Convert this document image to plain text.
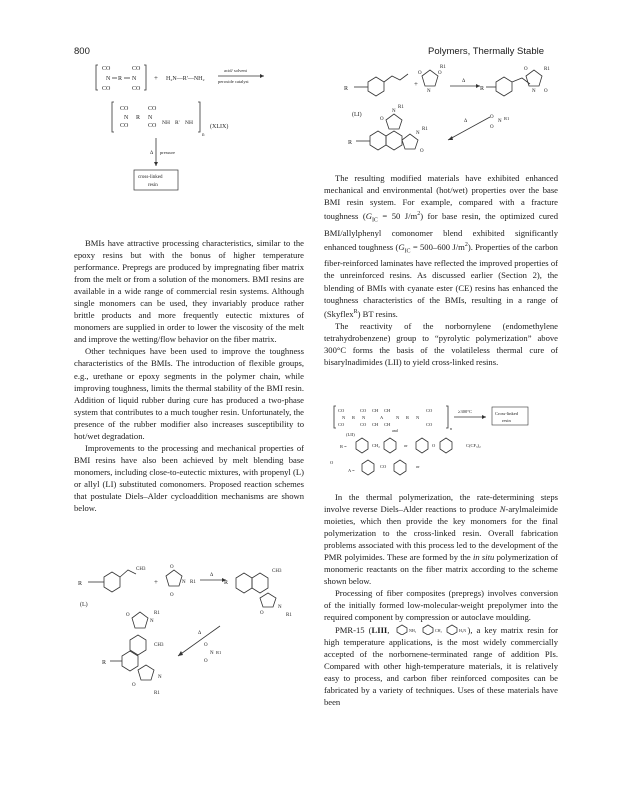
800	Polymers, Thermally Stable
CO	CO
CO	CO
N R N	+ H₂N—R'—NH₂
acid/ solvent
peroxide catalyst
CO	CO
CO	CO
N R N
NH R' NH
n
(XLIX)
Δ pressure
cross-linked
resin
R
+
N
O	O
R1
Δ
R	N
O
O
R1
(LI)
R
N
R1
O
N
R1
O
Δ
O
N
R1
O

BMIs have attractive processing characteristics, similar to the epoxy resins but with the bonus of higher temperature performance. Prepregs are produced by impregnating fiber matrix from the melt or from a solution of the monomers. BMI resins are available in a wide range of commercial resin systems. Although single monomers can be used, they invariably produce rather brittle products and more frequently eutectic mixtures of monomers are supplied in order to lower the viscosity of the melt and improve the wetting/flow behavior on the fiber matrix.

Other techniques have been used to improve the toughness characteristics of the BMIs. The introduction of flexible groups, e.g., urethane or epoxy segments in the polymer chain, while improving toughness, limits the thermal stability of the BMI resin. Addition of liquid rubber during cure has produced a two-phase system that contributes to a much tougher resin. Unfortunately, the presence of the rubber modifier also increases susceptibility to hot/wet degradation.

Improvements to the processing and mechanical properties of BMI resins have also been achieved by melt blending base monomers, including close-to-eutectic mixtures, with propenyl (L) or allyl (LI) substituted comonomers. Proposed reaction schemes that postulate Diels–Alder cycloaddition mechanisms are shown below.

R
CH3
+
O
O
N R1
Δ
R
CH3
O
N
R1
(L)
O
N
R1
CH3
R
O
N
R1
Δ
O
N R1
O

The resulting modified materials have exhibited enhanced mechanical and environmental (hot/wet) properties over the base BMI resin system. For example, compared with a fracture toughness ($G_{IC} = 50$ $J/m^2$) for base resin, the optimized cured BMI/allylphenyl comonomer blend exhibited significantly enhanced toughness ($G_{IC} = 500-600$ $J/m^2$). Properties of the carbon fiber-reinforced laminates have reflected the improved properties of the unreinforced resins. As discussed earlier (Section 2), the blending of BMIs with cyanate ester (CE) resins has enhanced the toughness characteristics of the BMIs, resulting in a range of (Skyflex$^R$) BT resins.

The reactivity of the norbornylene (endomethylene tetrahydrobenzene) group to “pyrolytic polymerization” above 300°C forms the basis of the volatileless thermal cure of bisarylnadimides (LII) to yield cross-linked resins.

CO
CO
N R N
CO
CO
CH CH
A
CH CH
and
N R N
CO
CO
n
(LII)
≥300°C	Cross-linked
resin
R =	CH₂	or	O	C(CF₃)₂
O
A =
CO	or

In the thermal polymerization, the rate-determining steps involve reverse Diels–Alder reactions to produce N-arylmaleimide moieties, which then provide the key monomers for the final polymerization to the cross-linked resin. Overall fabrication problems associated with this process led to the development of the PMR polyimides. These are formed by the in situ polymerization of monomeric reactants on the fiber matrix according to the scheme shown below.

Processing of fiber composites (prepregs) involves conversion of the initially formed low-molecular-weight prepolymer into the required component by compression or autoclave moulding.

PMR-15 (LIII,	NH₂	CH₂	H₂N ), a key matrix resin for high temperature applications, is the most widely commercially accepted of the norbornene-terminated range of addition PIs. Compared with other high-temperature materials, it is relatively easy to process, and carbon fiber reinforced composites can be fabricated by a variety of techniques. Uses of these materials have been
